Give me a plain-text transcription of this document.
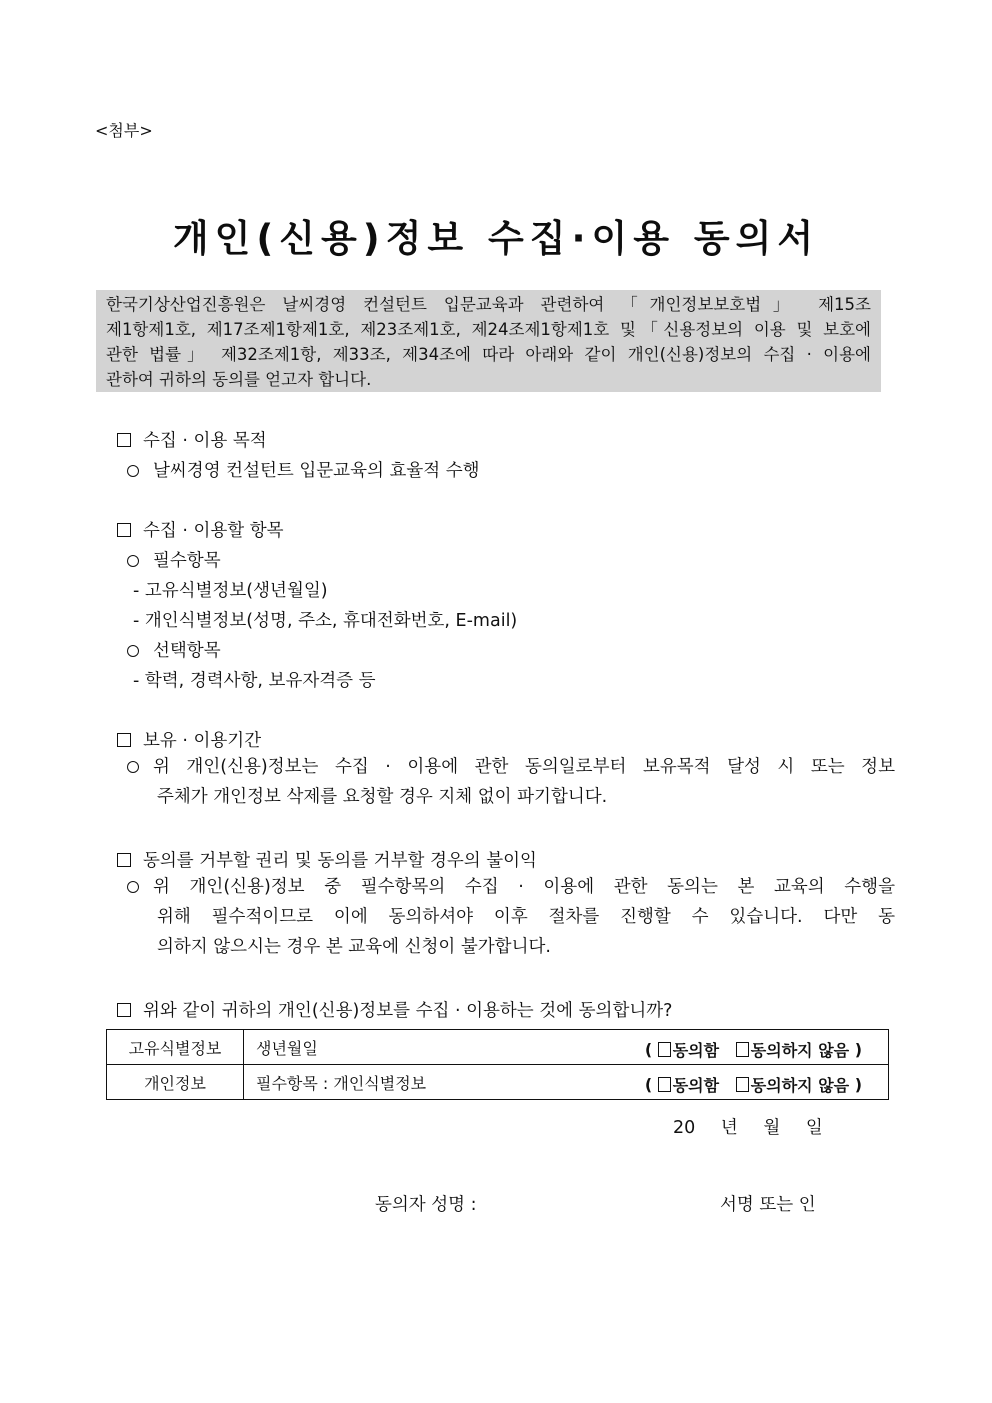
<첨부>
개인(신용)정보 수집·이용 동의서

한국기상산업진흥원은 날씨경영 컨설턴트 입문교육과 관련하여 「개인정보보호법」 제15조

제1항제1호, 제17조제1항제1호, 제23조제1호, 제24조제1항제1호 및「신용정보의 이용 및 보호에

관한 법률」 제32조제1항, 제33조, 제34조에 따라 아래와 같이 개인(신용)정보의 수집 · 이용에

관하여 귀하의 동의를 얻고자 합니다.

수집 · 이용 목적
날씨경영 컨설턴트 입문교육의 효율적 수행
수집 · 이용할 항목
필수항목
- 고유식별정보(생년월일)
- 개인식별정보(성명, 주소, 휴대전화번호, E-mail)
선택항목
- 학력, 경력사항, 보유자격증 등
보유 · 이용기간
위 개인(신용)정보는 수집 · 이용에 관한 동의일로부터 보유목적 달성 시 또는 정보
주체가 개인정보 삭제를 요청할 경우 지체 없이 파기합니다.
동의를 거부할 권리 및 동의를 거부할 경우의 불이익
위 개인(신용)정보 중 필수항목의 수집 · 이용에 관한 동의는 본 교육의 수행을
위해 필수적이므로 이에 동의하셔야 이후 절차를 진행할 수 있습니다. 다만 동
의하지 않으시는 경우 본 교육에 신청이 불가합니다.
위와 같이 귀하의 개인(신용)정보를 수집 · 이용하는 것에 동의합니까?
고유식별정보	생년월일 (
동의함
동의하지 않음
)

개인정보	필수항목 : 개인식별정보 (
동의함
동의하지 않음
)
20 년 월 일
동의자 성명 :	서명 또는 인
